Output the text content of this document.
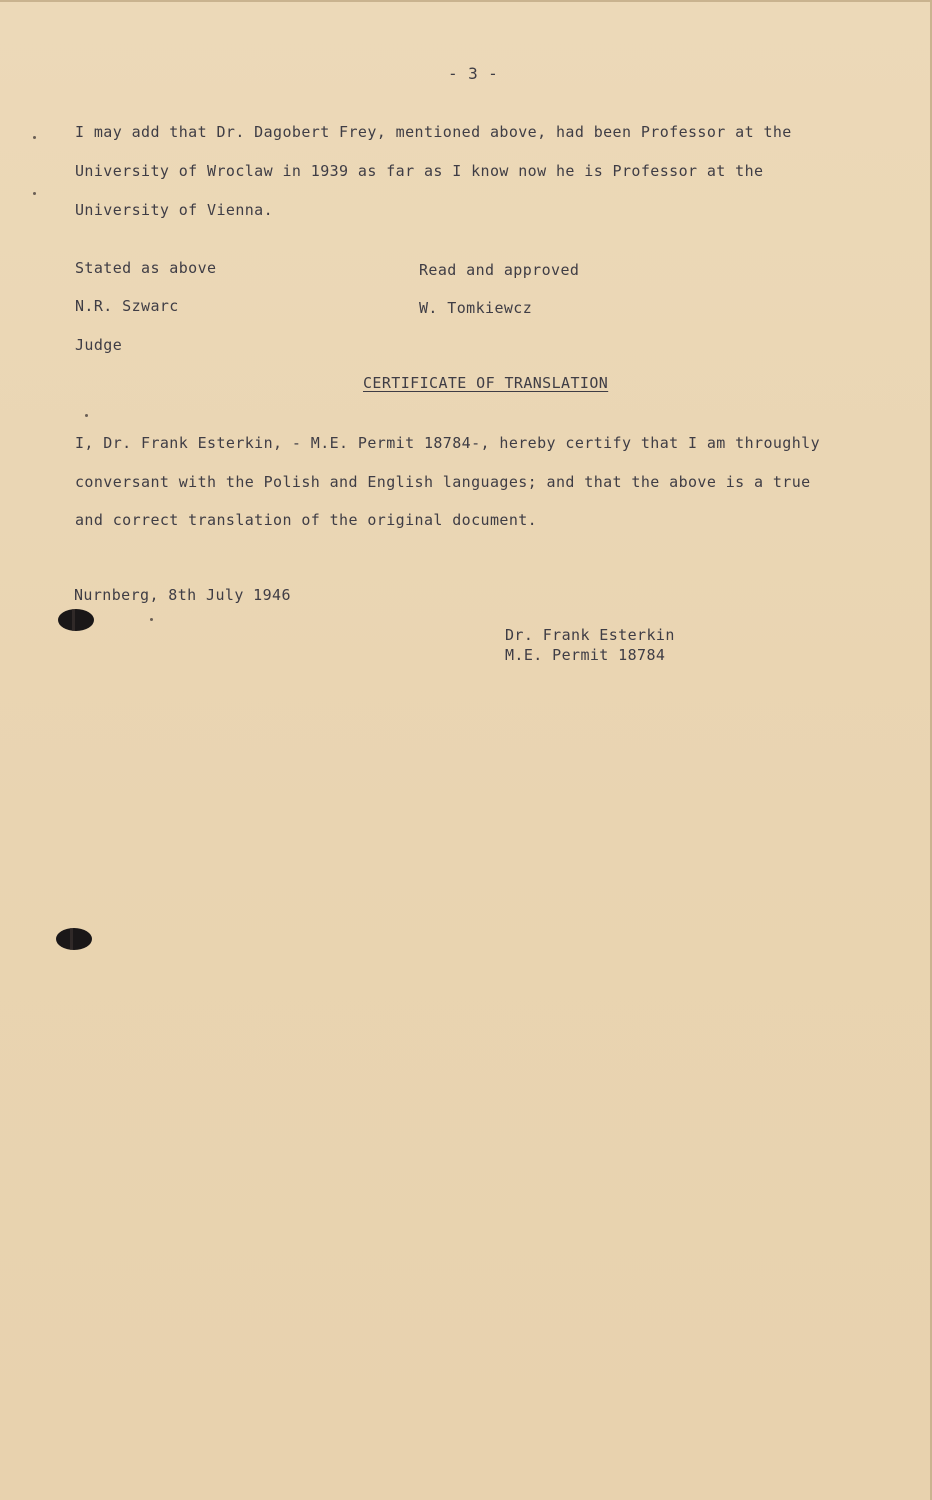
- 3 -
I may add that Dr. Dagobert Frey, mentioned above, had been Professor at the
University of Wroclaw in 1939 as far as I know now he is Professor at the
University of Vienna.
Stated as above
N.R. Szwarc
Judge
Read and approved
W. Tomkiewcz
CERTIFICATE OF TRANSLATION
I, Dr. Frank Esterkin, - M.E. Permit 18784-, hereby certify that I am throughly
conversant with the Polish and English languages; and that the above is a true
and correct translation of the original document.
Nurnberg, 8th July 1946
Dr. Frank Esterkin
M.E. Permit 18784
